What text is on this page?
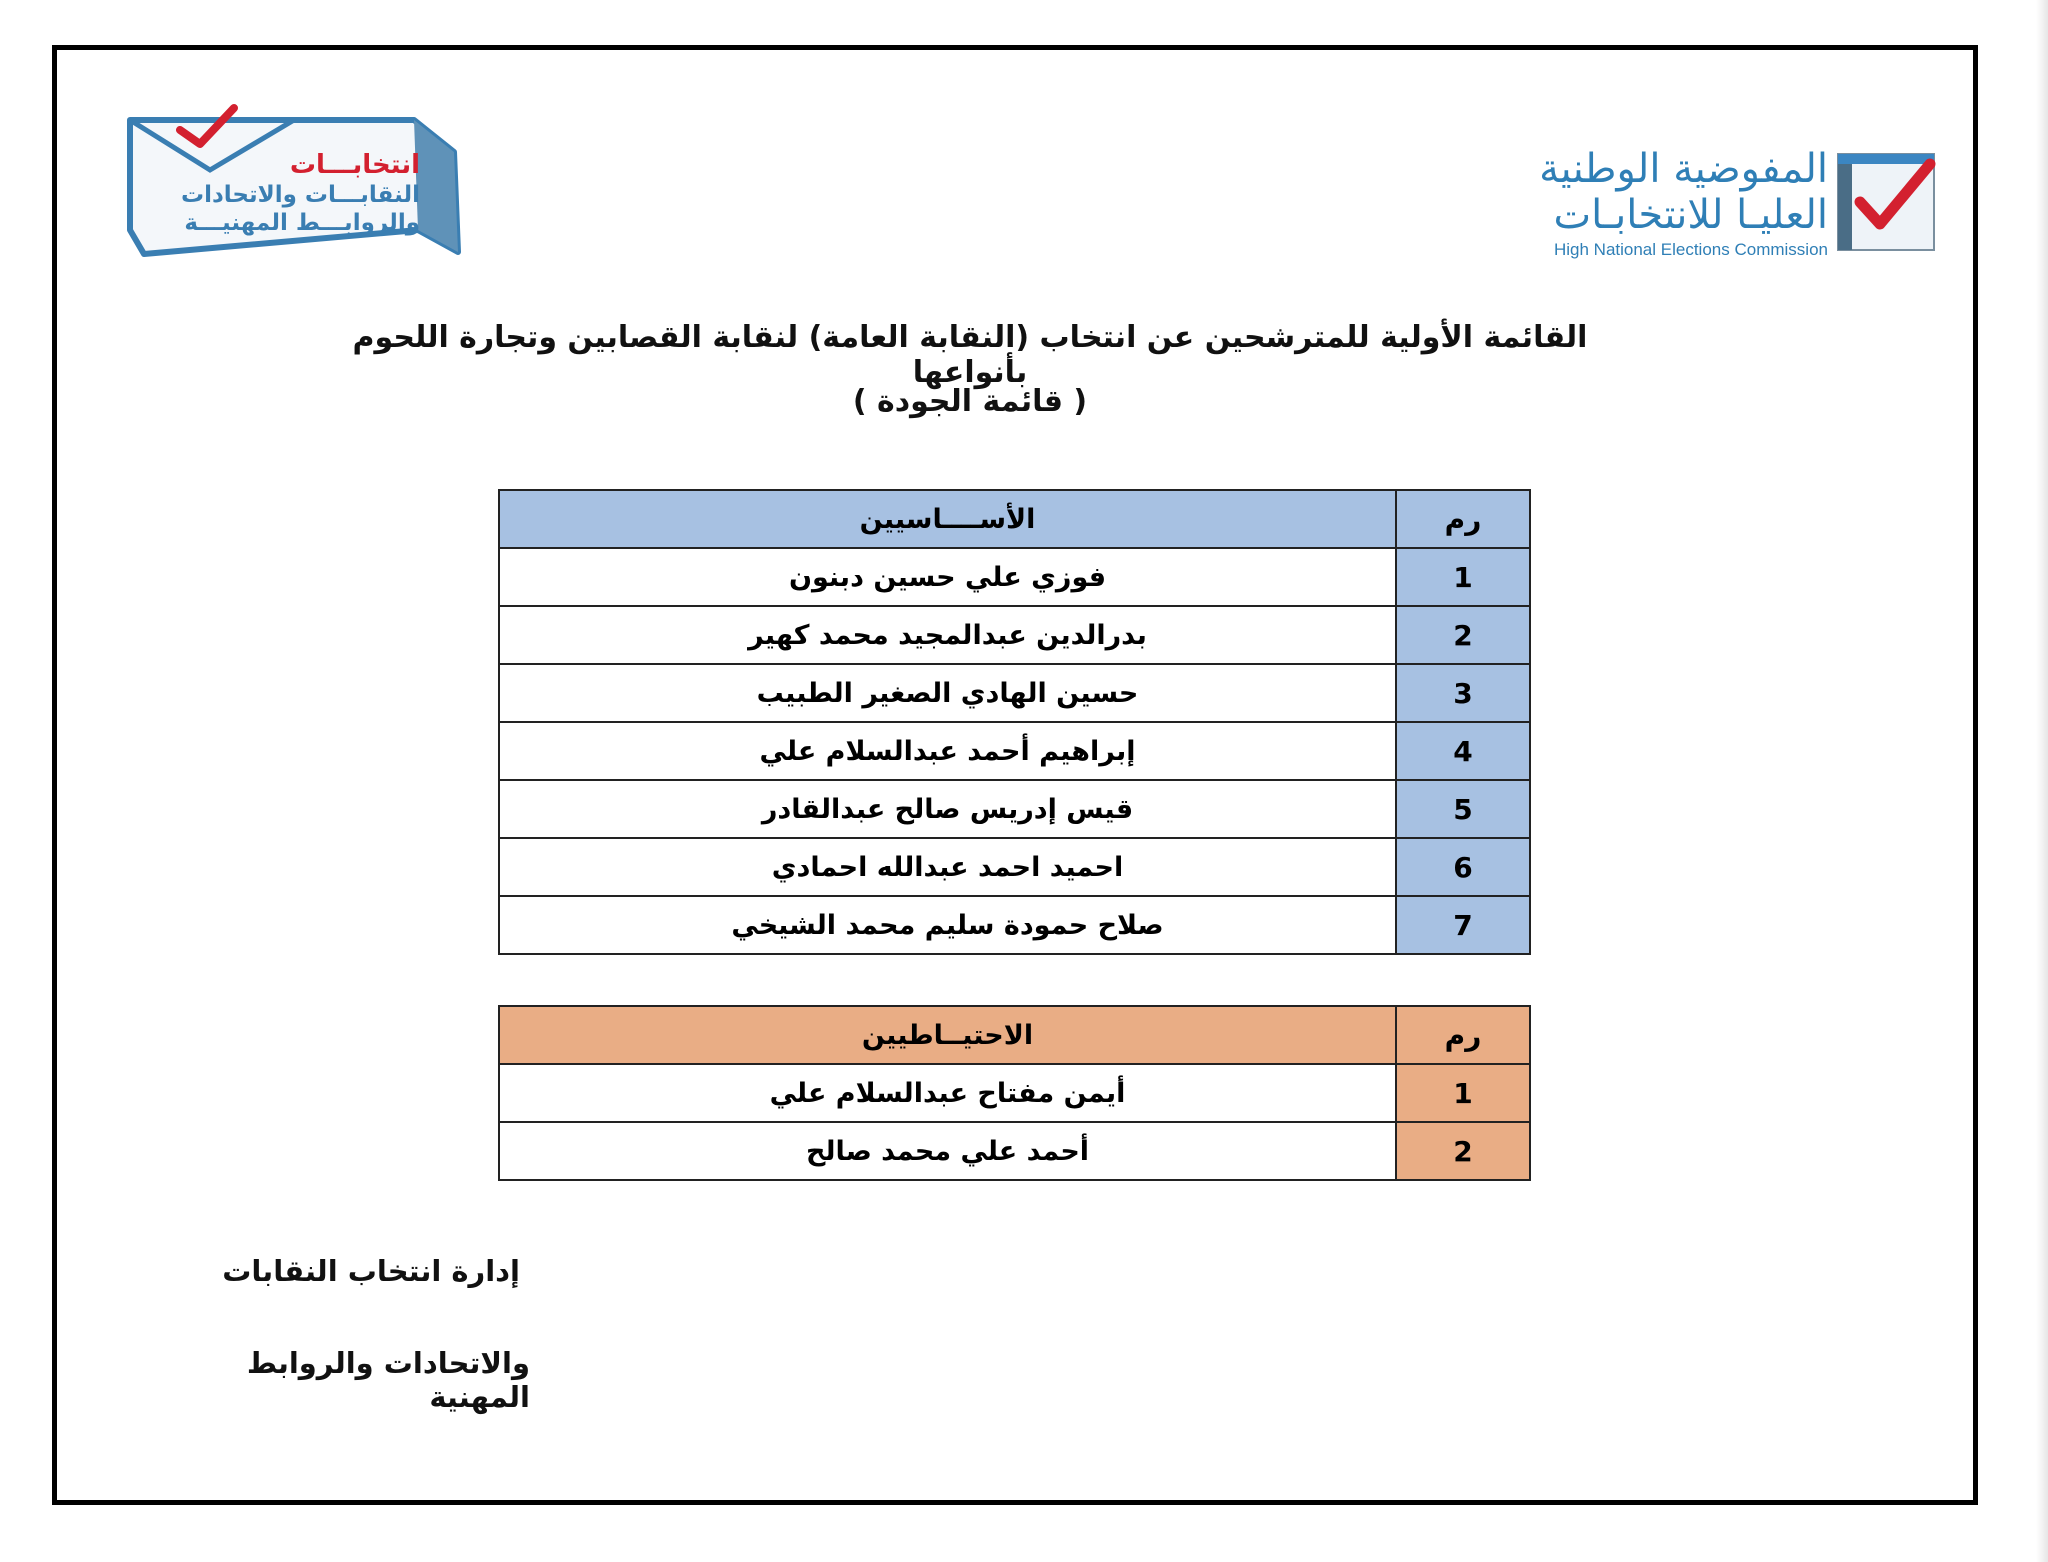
المفوضية الوطنية
العليـا للانتخابـات
High National Elections Commission
انتخابـــات
النقابـــات والاتحادات
والروابـــط المهنيـــة
القائمة الأولية للمترشحين عن انتخاب (النقابة العامة) لنقابة القصابين وتجارة اللحوم بأنواعها
( قائمة الجودة )
رم	الأســــاسيين
1	فوزي علي حسين دبنون
2	بدرالدين عبدالمجيد محمد كهير
3	حسين الهادي الصغير الطبيب
4	إبراهيم أحمد عبدالسلام علي
5	قيس إدريس صالح عبدالقادر
6	احميد احمد عبدالله احمادي
7	صلاح حمودة سليم محمد الشيخي
رم	الاحتيــاطيين
1	أيمن مفتاح عبدالسلام علي
2	أحمد علي محمد صالح
إدارة انتخاب النقابات
والاتحادات والروابط المهنية
